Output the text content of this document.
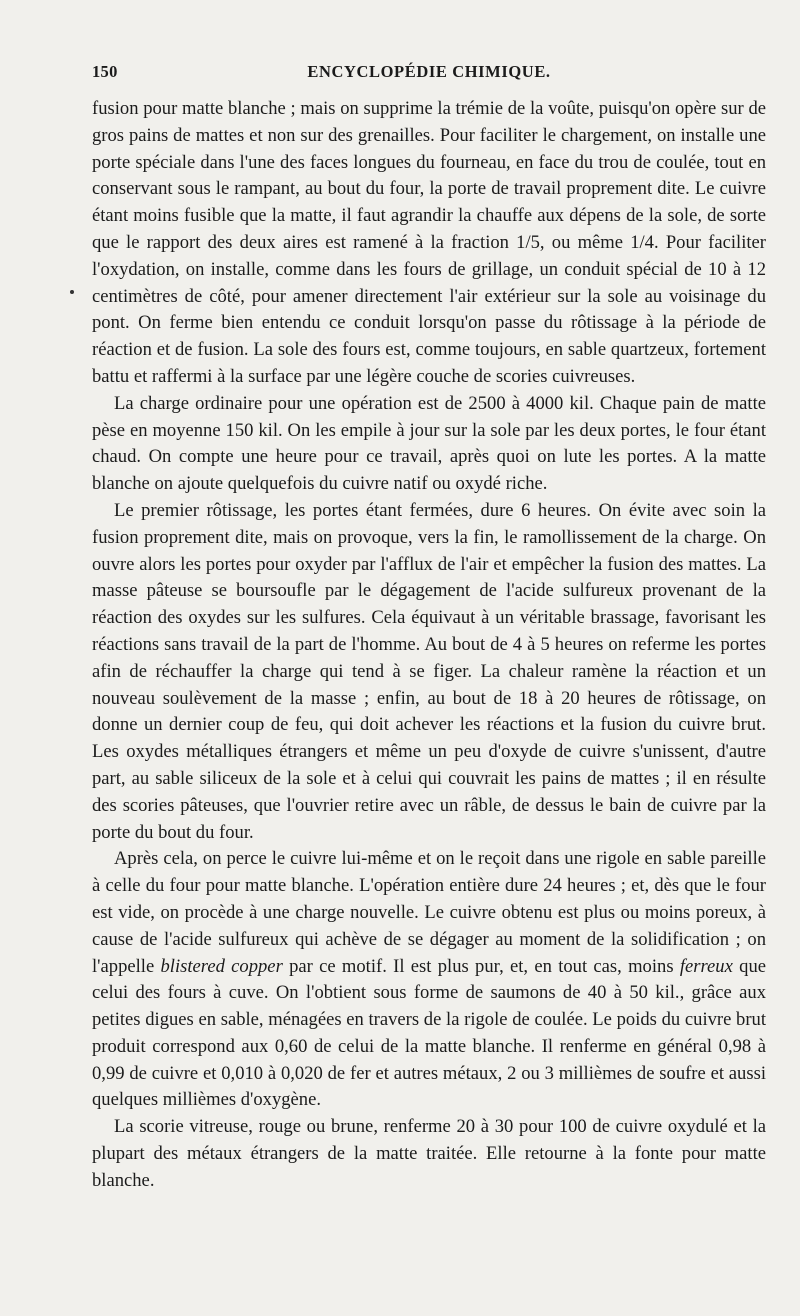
150	ENCYCLOPÉDIE CHIMIQUE.

fusion pour matte blanche ; mais on supprime la trémie de la voûte, puisqu'on opère sur de gros pains de mattes et non sur des grenailles. Pour faciliter le chargement, on installe une porte spéciale dans l'une des faces longues du fourneau, en face du trou de coulée, tout en conservant sous le rampant, au bout du four, la porte de travail proprement dite. Le cuivre étant moins fusible que la matte, il faut agrandir la chauffe aux dépens de la sole, de sorte que le rapport des deux aires est ramené à la fraction 1/5, ou même 1/4. Pour faciliter l'oxydation, on installe, comme dans les fours de grillage, un conduit spécial de 10 à 12 centimètres de côté, pour amener directement l'air extérieur sur la sole au voisinage du pont. On ferme bien entendu ce conduit lorsqu'on passe du rôtissage à la période de réaction et de fusion. La sole des fours est, comme toujours, en sable quartzeux, fortement battu et raffermi à la surface par une légère couche de scories cuivreuses.

La charge ordinaire pour une opération est de 2500 à 4000 kil. Chaque pain de matte pèse en moyenne 150 kil. On les empile à jour sur la sole par les deux portes, le four étant chaud. On compte une heure pour ce travail, après quoi on lute les portes. A la matte blanche on ajoute quelquefois du cuivre natif ou oxydé riche.

Le premier rôtissage, les portes étant fermées, dure 6 heures. On évite avec soin la fusion proprement dite, mais on provoque, vers la fin, le ramollissement de la charge. On ouvre alors les portes pour oxyder par l'afflux de l'air et empêcher la fusion des mattes. La masse pâteuse se boursoufle par le dégagement de l'acide sulfureux provenant de la réaction des oxydes sur les sulfures. Cela équivaut à un véritable brassage, favorisant les réactions sans travail de la part de l'homme. Au bout de 4 à 5 heures on referme les portes afin de réchauffer la charge qui tend à se figer. La chaleur ramène la réaction et un nouveau soulèvement de la masse ; enfin, au bout de 18 à 20 heures de rôtissage, on donne un dernier coup de feu, qui doit achever les réactions et la fusion du cuivre brut. Les oxydes métalliques étrangers et même un peu d'oxyde de cuivre s'unissent, d'autre part, au sable siliceux de la sole et à celui qui couvrait les pains de mattes ; il en résulte des scories pâteuses, que l'ouvrier retire avec un râble, de dessus le bain de cuivre par la porte du bout du four.

Après cela, on perce le cuivre lui-même et on le reçoit dans une rigole en sable pareille à celle du four pour matte blanche. L'opération entière dure 24 heures ; et, dès que le four est vide, on procède à une charge nouvelle. Le cuivre obtenu est plus ou moins poreux, à cause de l'acide sulfureux qui achève de se dégager au moment de la solidification ; on l'appelle blistered copper par ce motif. Il est plus pur, et, en tout cas, moins ferreux que celui des fours à cuve. On l'obtient sous forme de saumons de 40 à 50 kil., grâce aux petites digues en sable, ménagées en travers de la rigole de coulée. Le poids du cuivre brut produit correspond aux 0,60 de celui de la matte blanche. Il renferme en général 0,98 à 0,99 de cuivre et 0,010 à 0,020 de fer et autres métaux, 2 ou 3 millièmes de soufre et aussi quelques millièmes d'oxygène.

La scorie vitreuse, rouge ou brune, renferme 20 à 30 pour 100 de cuivre oxydulé et la plupart des métaux étrangers de la matte traitée. Elle retourne à la fonte pour matte blanche.
